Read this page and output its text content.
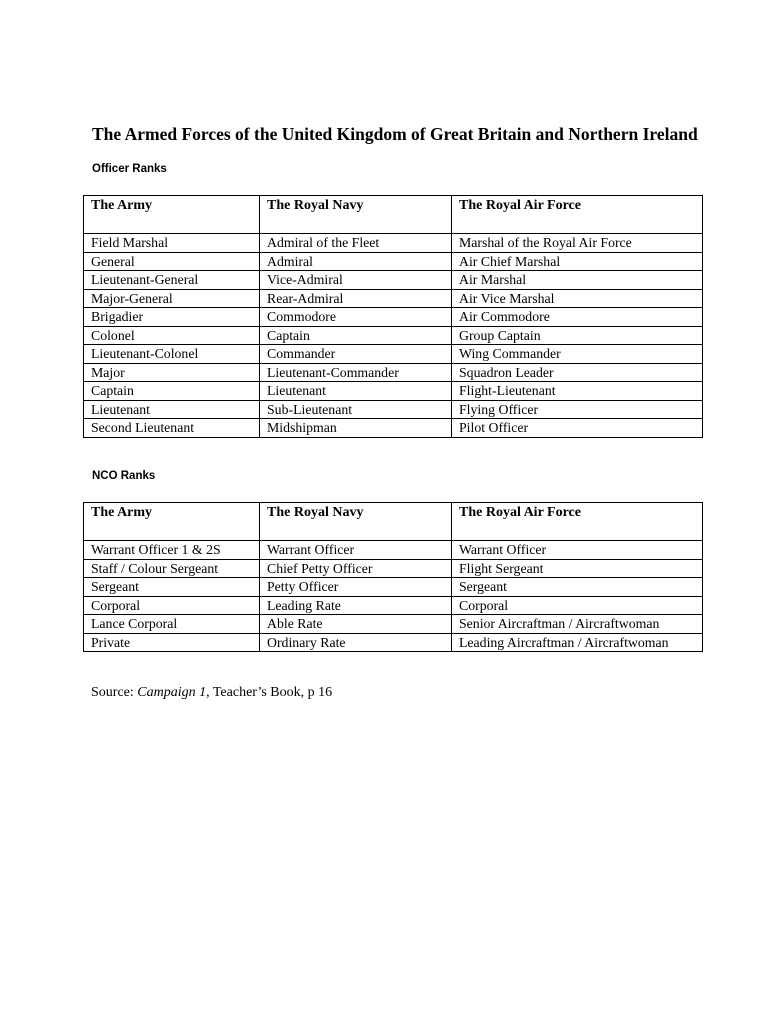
The Armed Forces of the United Kingdom of Great Britain and Northern Ireland
Officer Ranks
The Army	The Royal Navy	The Royal Air Force
Field Marshal	Admiral of the Fleet	Marshal of the Royal Air Force
General	Admiral	Air Chief Marshal
Lieutenant-General	Vice-Admiral	Air Marshal
Major-General	Rear-Admiral	Air Vice Marshal
Brigadier	Commodore	Air Commodore
Colonel	Captain	Group Captain
Lieutenant-Colonel	Commander	Wing Commander
Major	Lieutenant-Commander	Squadron Leader
Captain	Lieutenant	Flight-Lieutenant
Lieutenant	Sub-Lieutenant	Flying Officer
Second Lieutenant	Midshipman	Pilot Officer
NCO Ranks
The Army	The Royal Navy	The Royal Air Force
Warrant Officer 1 & 2S	Warrant Officer	Warrant Officer
Staff / Colour Sergeant	Chief Petty Officer	Flight Sergeant
Sergeant	Petty Officer	Sergeant
Corporal	Leading Rate	Corporal
Lance Corporal	Able Rate	Senior Aircraftman / Aircraftwoman
Private	Ordinary Rate	Leading Aircraftman / Aircraftwoman
Source: Campaign 1, Teacher’s Book, p 16
